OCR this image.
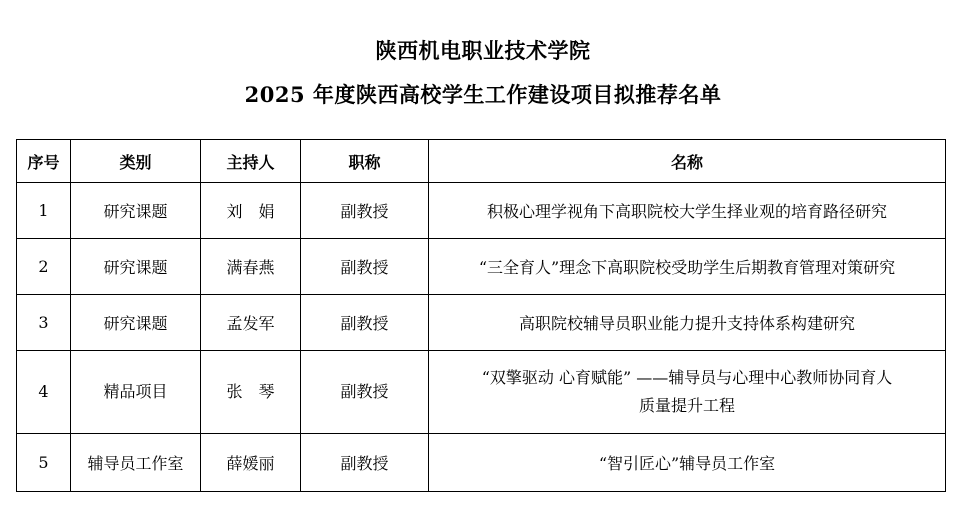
陕西机电职业技术学院
2025 年度陕西高校学生工作建设项目拟推荐名单
序号	类别	主持人	职称	名称
1	研究课题	刘　娟	副教授	积极心理学视角下高职院校大学生择业观的培育路径研究
2	研究课题	满春燕	副教授	“三全育人”理念下高职院校受助学生后期教育管理对策研究
3	研究课题	孟发军	副教授	高职院校辅导员职业能力提升支持体系构建研究
4	精品项目	张　琴	副教授	“双擎驱动 心育赋能” ——辅导员与心理中心教师协同育人
质量提升工程

5	辅导员工作室	薛媛丽	副教授	“智引匠心”辅导员工作室
